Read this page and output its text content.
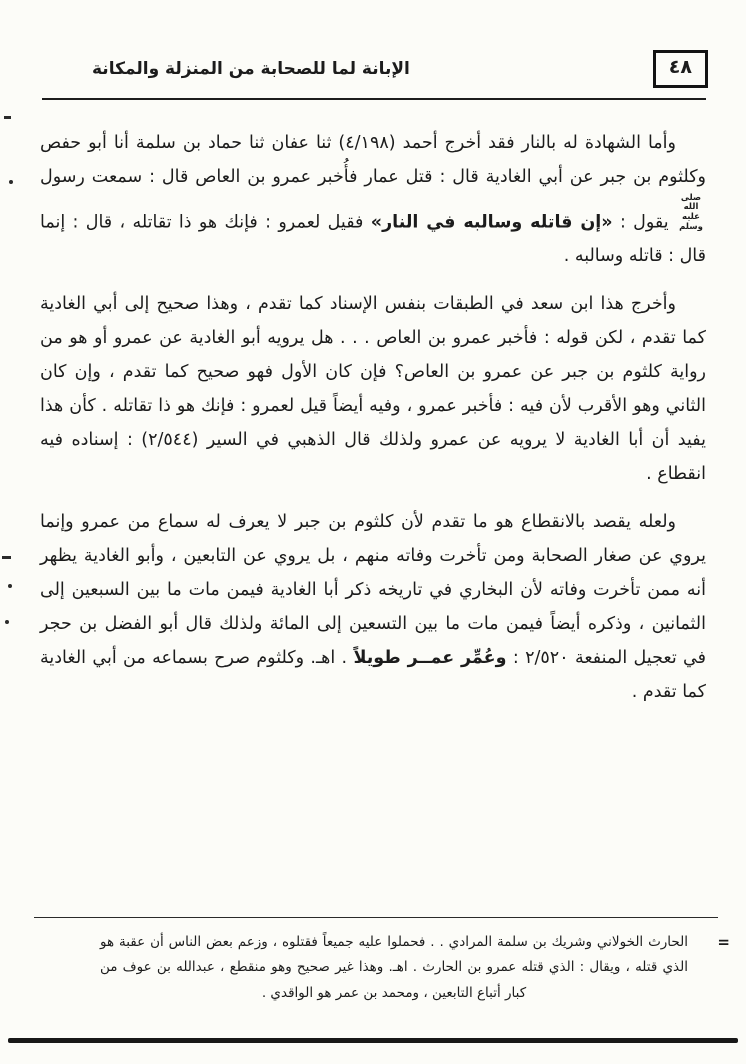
٤٨
الإبانة لما للصحابة من المنزلة والمكانة

وأما الشهادة له بالنار فقد أخرج أحمد (٤/١٩٨) ثنا عفان ثنا حماد بن سلمة أنا أبو حفص وكلثوم بن جبر عن أبي الغادية قال : قتل عمار فأُخبر عمرو بن العاص قال : سمعت رسول صلى الله عليه وسلم يقول : «إن قاتله وسالبه في النار» فقيل لعمرو : فإنك هو ذا تقاتله ، قال : إنما قال : قاتله وسالبه .

وأخرج هذا ابن سعد في الطبقات بنفس الإسناد كما تقدم ، وهذا صحيح إلى أبي الغادية كما تقدم ، لكن قوله : فأخبر عمرو بن العاص . . . هل يرويه أبو الغادية عن عمرو أو هو من رواية كلثوم بن جبر عن عمرو بن العاص؟ فإن كان الأول فهو صحيح كما تقدم ، وإن كان الثاني وهو الأقرب لأن فيه : فأخبر عمرو ، وفيه أيضاً قيل لعمرو : فإنك هو ذا تقاتله . كأن هذا يفيد أن أبا الغادية لا يرويه عن عمرو ولذلك قال الذهبي في السير (٢/٥٤٤) : إسناده فيه انقطاع .

ولعله يقصد بالانقطاع هو ما تقدم لأن كلثوم بن جبر لا يعرف له سماع من عمرو وإنما يروي عن صغار الصحابة ومن تأخرت وفاته منهم ، بل يروي عن التابعين ، وأبو الغادية يظهر أنه ممن تأخرت وفاته لأن البخاري في تاريخه ذكر أبا الغادية فيمن مات ما بين السبعين إلى الثمانين ، وذكره أيضاً فيمن مات ما بين التسعين إلى المائة ولذلك قال أبو الفضل بن حجر في تعجيل المنفعة ٢/٥٢٠ : وعُمِّر عمــر طويلاً . اهـ. وكلثوم صرح بسماعه من أبي الغادية كما تقدم .

=

الحارث الخولاني وشريك بن سلمة المرادي . . فحملوا عليه جميعاً فقتلوه ، وزعم بعض الناس أن عقبة هو الذي قتله ، ويقال : الذي قتله عمرو بن الحارث . اهـ. وهذا غير صحيح وهو منقطع ، عبدالله بن عوف من كبار أتباع التابعين ، ومحمد بن عمر هو الواقدي .
